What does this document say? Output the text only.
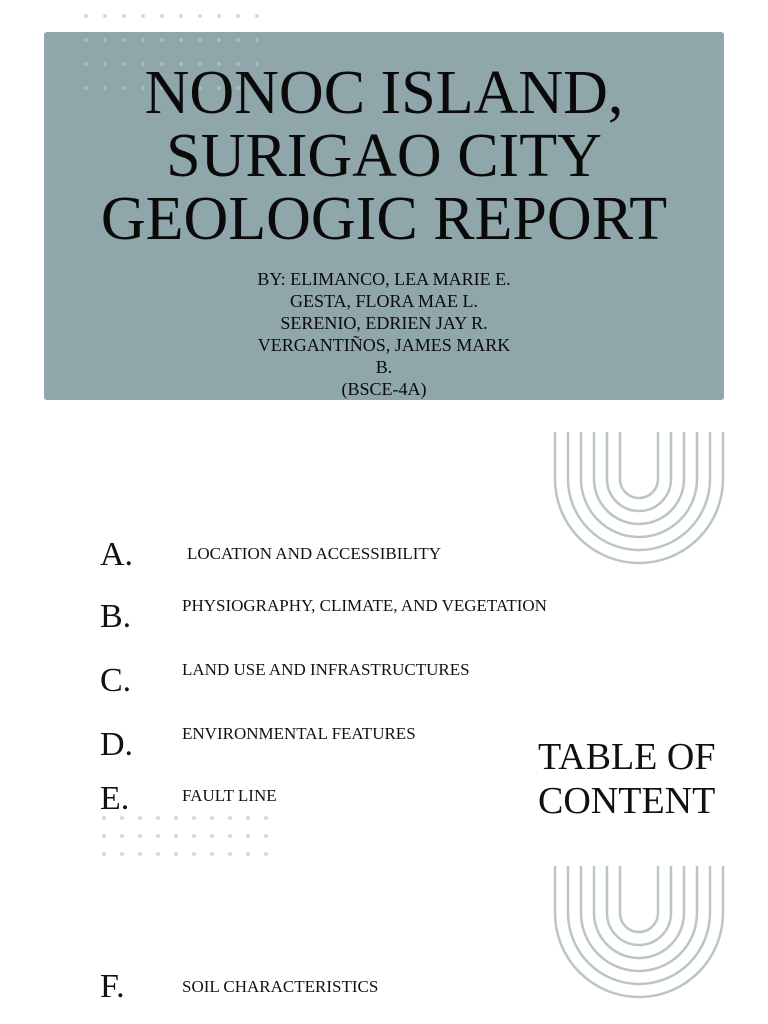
NONOC ISLAND,
SURIGAO CITY
GEOLOGIC REPORT
BY: ELIMANCO, LEA MARIE E.
GESTA, FLORA MAE L.
SERENIO, EDRIEN JAY R.
VERGANTIÑOS, JAMES MARK
B.
(BSCE-4A)
A.	LOCATION AND ACCESSIBILITY
B.	PHYSIOGRAPHY, CLIMATE, AND VEGETATION
C.	LAND USE AND INFRASTRUCTURES
D.	ENVIRONMENTAL FEATURES
E.	FAULT LINE
F.	SOIL CHARACTERISTICS
TABLE OF
CONTENT
